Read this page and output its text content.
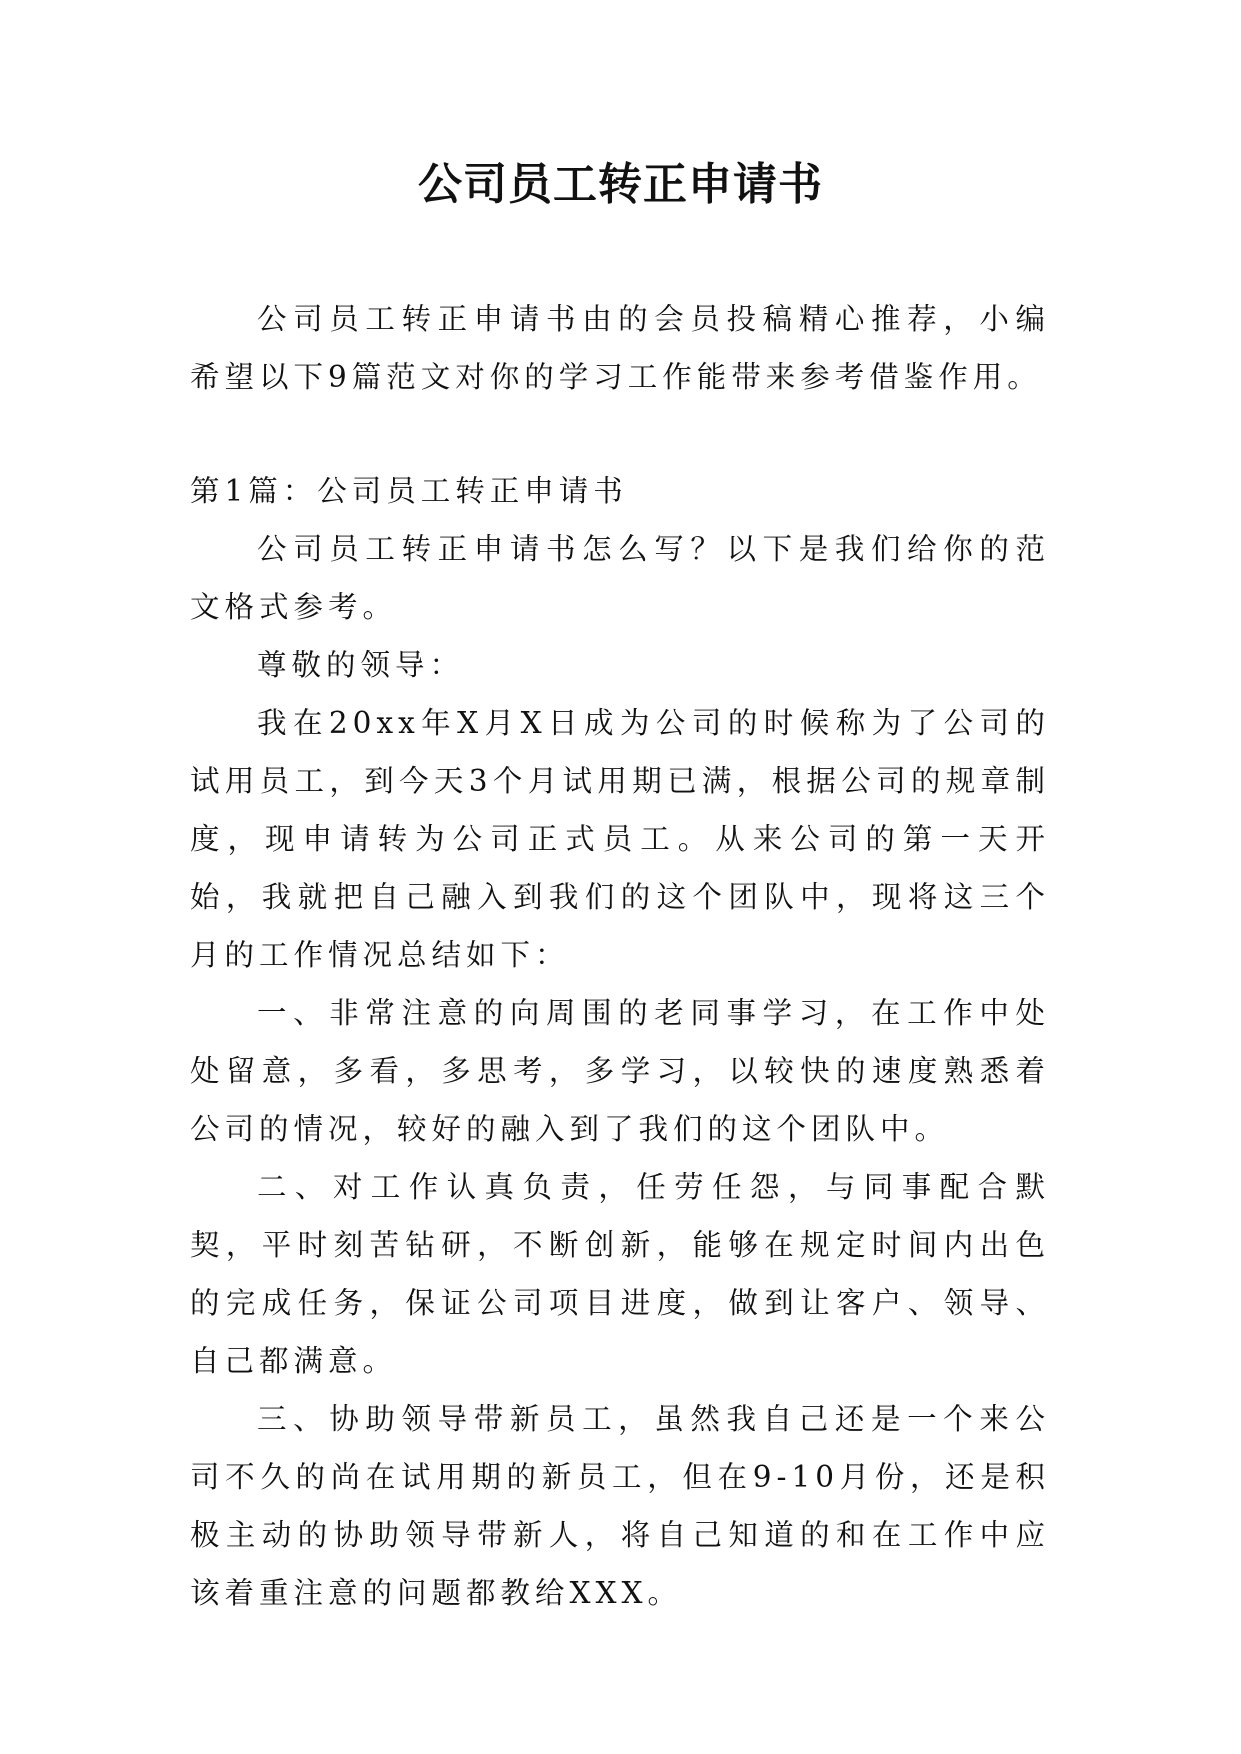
公司员工转正申请书

公司员工转正申请书由的会员投稿精心推荐，小编希望以下9篇范文对你的学习工作能带来参考借鉴作用。

第1篇：公司员工转正申请书

公司员工转正申请书怎么写？以下是我们给你的范文格式参考。

尊敬的领导：

我在20xx年X月X日成为公司的时候称为了公司的试用员工，到今天3个月试用期已满，根据公司的规章制度，现申请转为公司正式员工。从来公司的第一天开始，我就把自己融入到我们的这个团队中，现将这三个月的工作情况总结如下：

一、非常注意的向周围的老同事学习，在工作中处处留意，多看，多思考，多学习，以较快的速度熟悉着公司的情况，较好的融入到了我们的这个团队中。

二、对工作认真负责，任劳任怨，与同事配合默契，平时刻苦钻研，不断创新，能够在规定时间内出色的完成任务，保证公司项目进度，做到让客户、领导、自己都满意。

三、协助领导带新员工，虽然我自己还是一个来公司不久的尚在试用期的新员工，但在9-10月份，还是积极主动的协助领导带新人，将自己知道的和在工作中应该着重注意的问题都教给XXX。
